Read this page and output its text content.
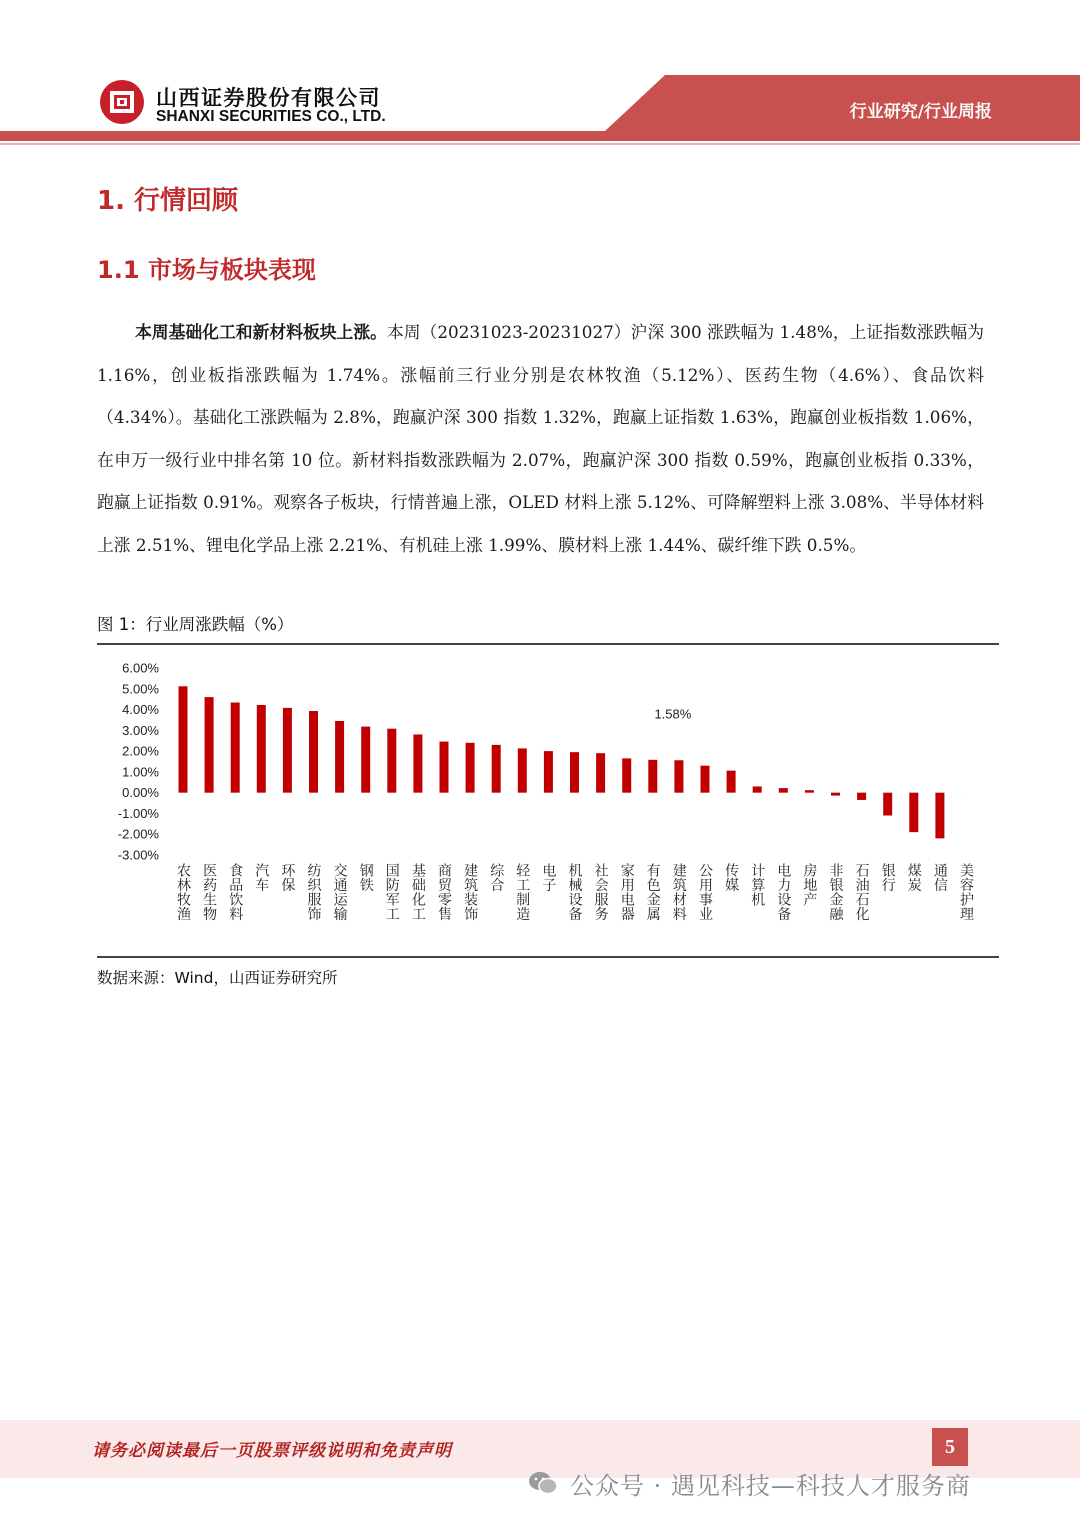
山西证券股份有限公司
SHANXI SECURITIES CO., LTD.	行业研究/行业周报
1. 行情回顾
1.1 市场与板块表现

本周基础化工和新材料板块上涨。本周（20231023-20231027）沪深 300 涨跌幅为 1.48%，上证指数涨跌幅为 1.16%，创业板指涨跌幅为 1.74%。涨幅前三行业分别是农林牧渔（5.12%）、医药生物（4.6%）、食品饮料（4.34%）。基础化工涨跌幅为 2.8%，跑赢沪深 300 指数 1.32%，跑赢上证指数 1.63%，跑赢创业板指数 1.06%，在申万一级行业中排名第 10 位。新材料指数涨跌幅为 2.07%，跑赢沪深 300 指数 0.59%，跑赢创业板指 0.33%，跑赢上证指数 0.91%。观察各子板块，行情普遍上涨，OLED 材料上涨 5.12%、可降解塑料上涨 3.08%、半导体材料上涨 2.51%、锂电化学品上涨 2.21%、有机硅上涨 1.99%、膜材料上涨 1.44%、碳纤维下跌 0.5%。

图 1：行业周涨跌幅（%）
6.00%
5.00%
4.00%
3.00%
2.00%
1.00%
0.00%
-1.00%
-2.00%
-3.00%
1.58%
农林牧渔 医药生物 食品饮料 汽车 环保 纺织服饰 交通运输 钢铁 国防军工 基础化工 商贸零售 建筑装饰 综合 轻工制造 电子 机械设备 社会服务 家用电器 有色金属 建筑材料 公用事业 传媒 计算机 电力设备 房地产 非银金融 石油石化 银行 煤炭 通信 美容护理
数据来源：Wind，山西证券研究所
请务必阅读最后一页股票评级说明和免责声明	5
公众号 · 遇见科技—科技人才服务商
